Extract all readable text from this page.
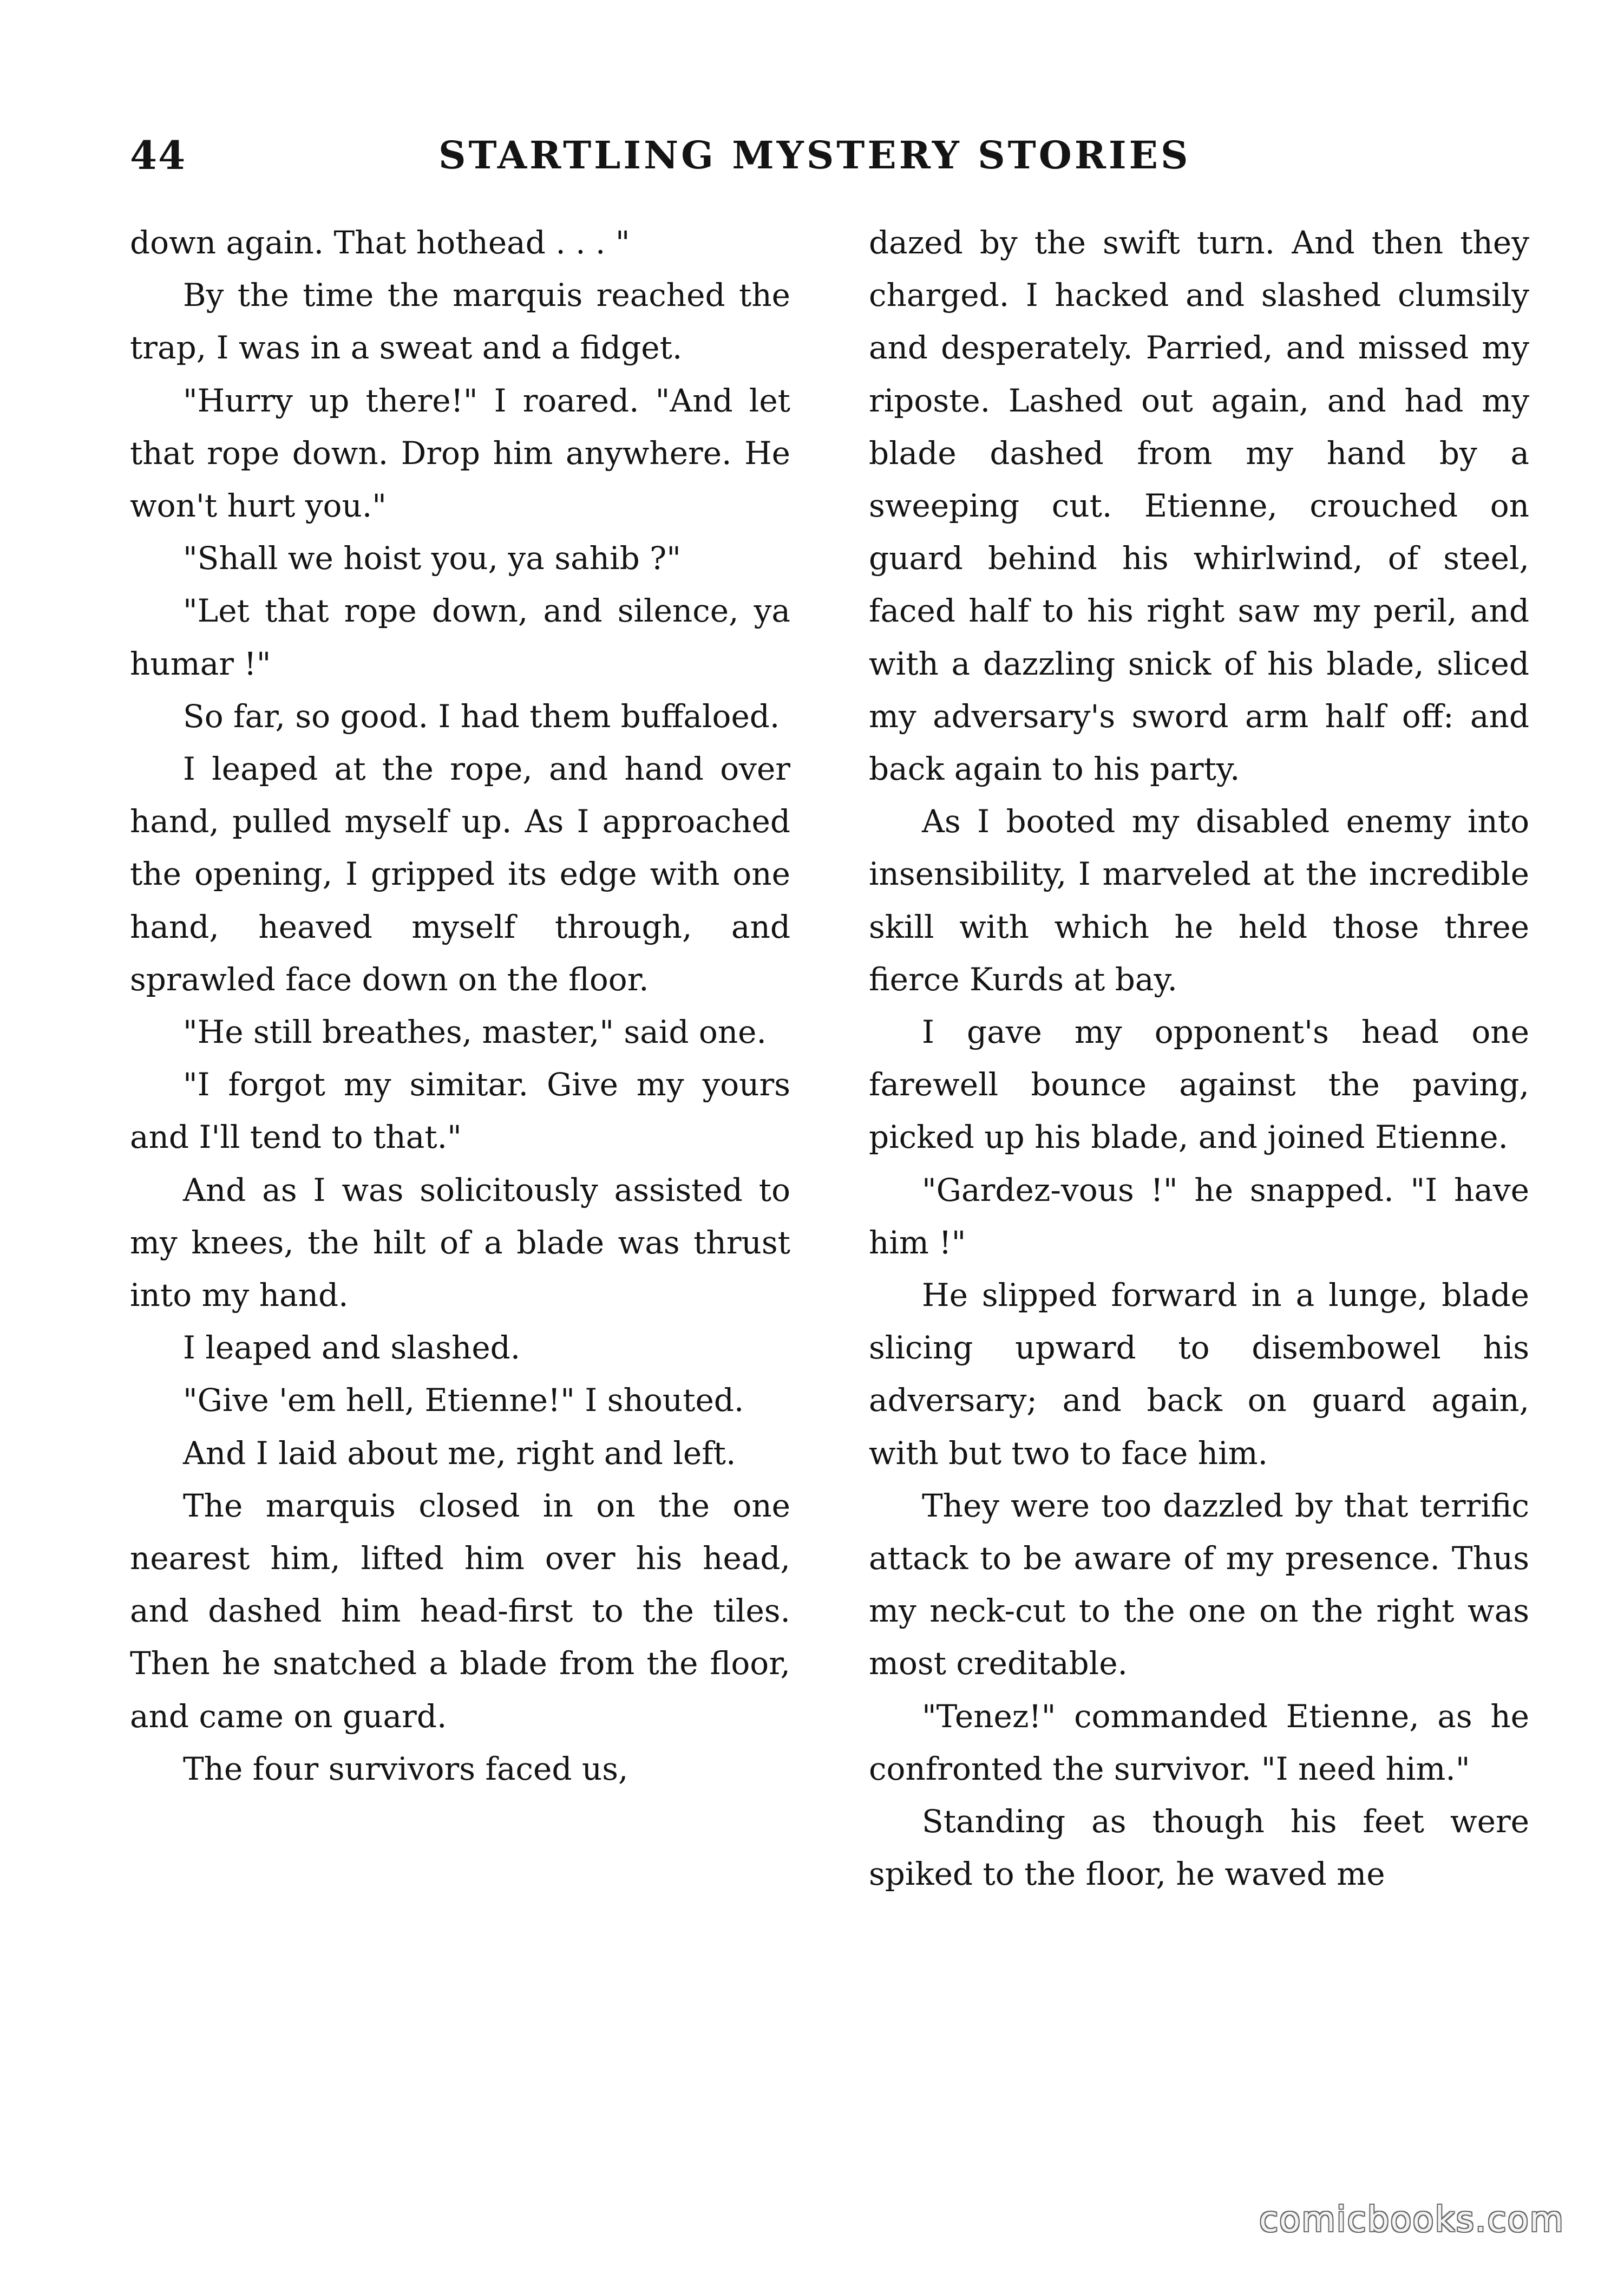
44	STARTLING MYSTERY STORIES

down again. That hothead . . . "

By the time the marquis reached the trap, I was in a sweat and a fidget.

"Hurry up there!" I roared. "And let that rope down. Drop him anywhere. He won't hurt you."

"Shall we hoist you, ya sahib ?"

"Let that rope down, and silence, ya humar !"

So far, so good. I had them buffaloed.

I leaped at the rope, and hand over hand, pulled myself up. As I approached the opening, I gripped its edge with one hand, heaved myself through, and sprawled face down on the floor.

"He still breathes, master," said one.

"I forgot my simitar. Give my yours and I'll tend to that."

And as I was solicitously assisted to my knees, the hilt of a blade was thrust into my hand.

I leaped and slashed.

"Give 'em hell, Etienne!" I shouted.

And I laid about me, right and left.

The marquis closed in on the one nearest him, lifted him over his head, and dashed him head-first to the tiles. Then he snatched a blade from the floor, and came on guard.

The four survivors faced us,

dazed by the swift turn. And then they charged. I hacked and slashed clumsily and desperately. Parried, and missed my riposte. Lashed out again, and had my blade dashed from my hand by a sweeping cut. Etienne, crouched on guard behind his whirlwind, of steel, faced half to his right saw my peril, and with a dazzling snick of his blade, sliced my adversary's sword arm half off: and back again to his party.

As I booted my disabled enemy into insensibility, I marveled at the incredible skill with which he held those three fierce Kurds at bay.

I gave my opponent's head one farewell bounce against the paving, picked up his blade, and joined Etienne.

"Gardez-vous !" he snapped. "I have him !"

He slipped forward in a lunge, blade slicing upward to disembowel his adversary; and back on guard again, with but two to face him.

They were too dazzled by that terrific attack to be aware of my presence. Thus my neck-cut to the one on the right was most creditable.

"Tenez!" commanded Etienne, as he confronted the survivor. "I need him."

Standing as though his feet were spiked to the floor, he waved me

comicbooks.com
